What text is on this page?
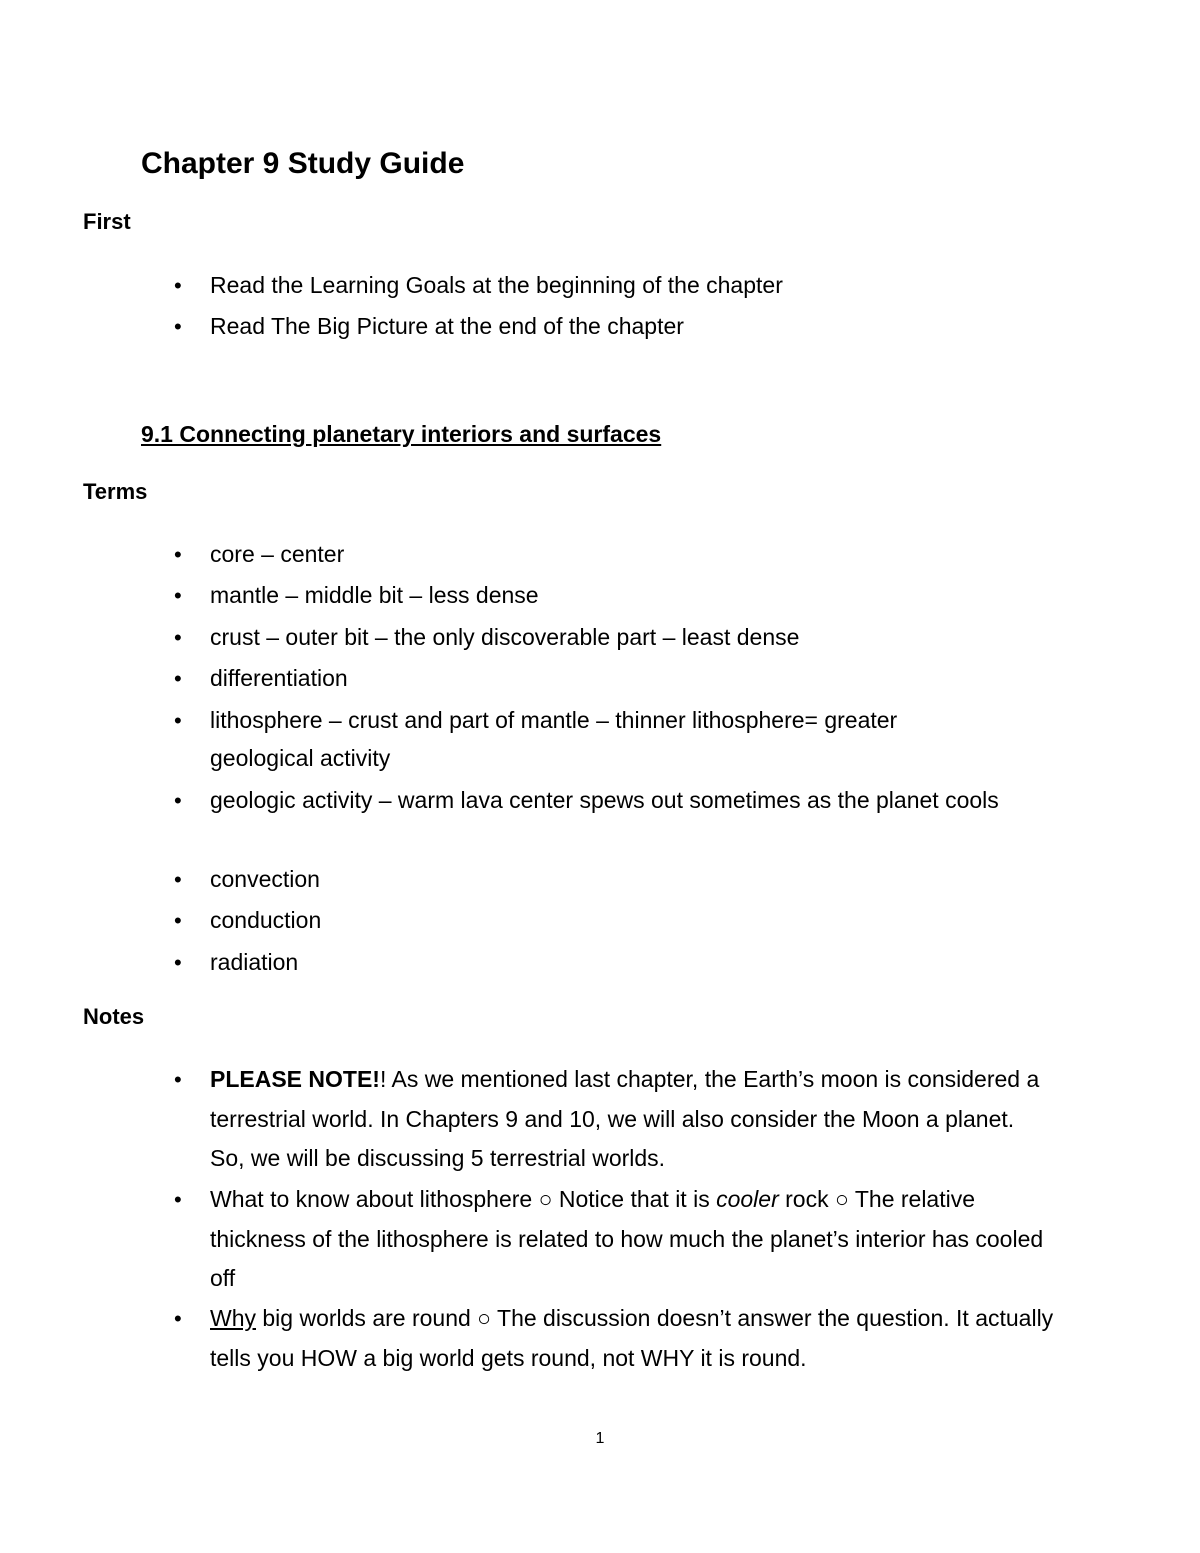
Chapter 9 Study Guide
First
•
Read the Learning Goals at the beginning of the chapter
•
Read The Big Picture at the end of the chapter
9.1 Connecting planetary interiors and surfaces
Terms
•
core – center
•
mantle – middle bit – less dense
•
crust – outer bit – the only discoverable part – least dense
•
differentiation
•
lithosphere – crust and part of mantle – thinner lithosphere= greater geological activity
•
geologic activity – warm lava center spews out sometimes as the planet cools
•
convection
•
conduction
•
radiation
Notes
•
PLEASE NOTE!! As we mentioned last chapter, the Earth’s moon is considered a terrestrial world. In Chapters 9 and 10, we will also consider the Moon a planet. So, we will be discussing 5 terrestrial worlds.
•
What to know about lithosphere ○ Notice that it is cooler rock ○ The relative thickness of the lithosphere is related to how much the planet’s interior has cooled off
•
Why big worlds are round ○ The discussion doesn’t answer the question. It actually tells you HOW a big world gets round, not WHY it is round.
1
